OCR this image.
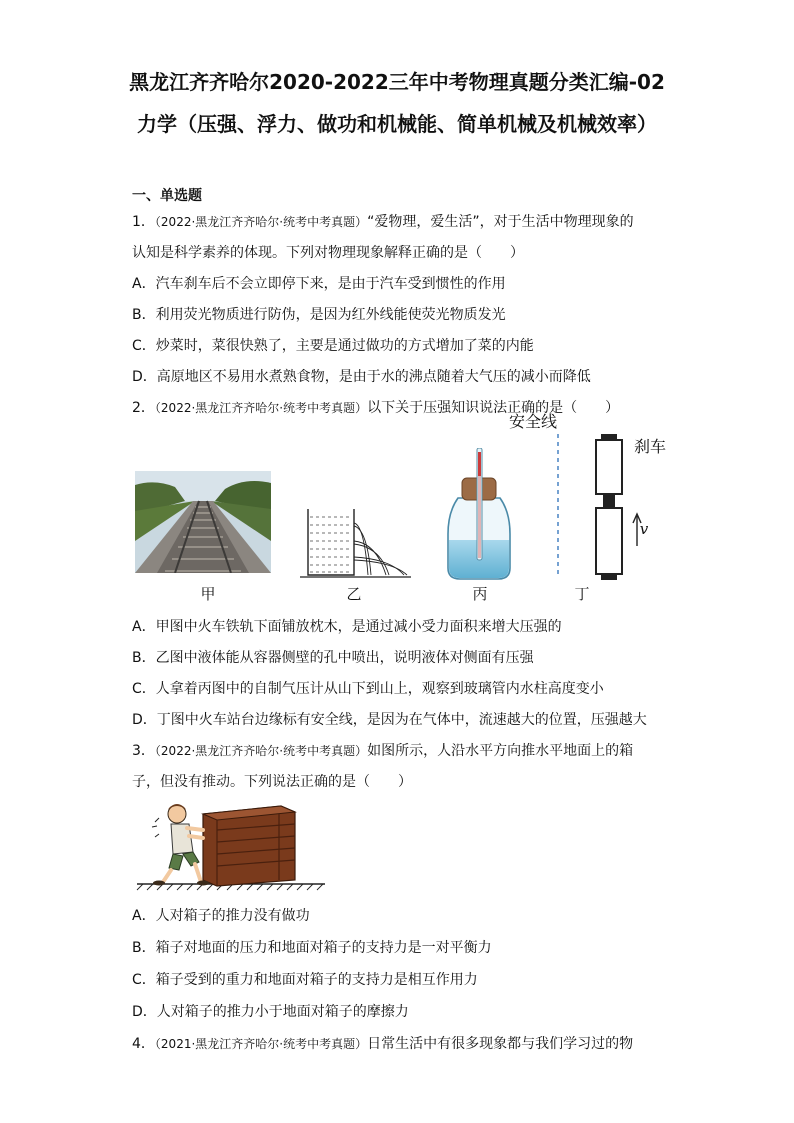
黑龙江齐齐哈尔2020-2022三年中考物理真题分类汇编-02
力学（压强、浮力、做功和机械能、简单机械及机械效率）
一、单选题
1．（2022·黑龙江齐齐哈尔·统考中考真题）“爱物理，爱生活”，对于生活中物理现象的
认知是科学素养的体现。下列对物理现象解释正确的是（　　）
A．汽车刹车后不会立即停下来，是由于汽车受到惯性的作用
B．利用荧光物质进行防伪，是因为红外线能使荧光物质发光
C．炒菜时，菜很快熟了，主要是通过做功的方式增加了菜的内能
D．高原地区不易用水煮熟食物，是由于水的沸点随着大气压的减小而降低
2．（2022·黑龙江齐齐哈尔·统考中考真题）以下关于压强知识说法正确的是（　　）
甲	乙	丙
安全线
刹车
v
丁
A．甲图中火车铁轨下面铺放枕木，是通过减小受力面积来增大压强的
B．乙图中液体能从容器侧壁的孔中喷出，说明液体对侧面有压强
C．人拿着丙图中的自制气压计从山下到山上，观察到玻璃管内水柱高度变小
D．丁图中火车站台边缘标有安全线，是因为在气体中，流速越大的位置，压强越大
3．（2022·黑龙江齐齐哈尔·统考中考真题）如图所示，人沿水平方向推水平地面上的箱
子，但没有推动。下列说法正确的是（　　）
A．人对箱子的推力没有做功
B．箱子对地面的压力和地面对箱子的支持力是一对平衡力
C．箱子受到的重力和地面对箱子的支持力是相互作用力
D．人对箱子的推力小于地面对箱子的摩擦力
4．（2021·黑龙江齐齐哈尔·统考中考真题）日常生活中有很多现象都与我们学习过的物
